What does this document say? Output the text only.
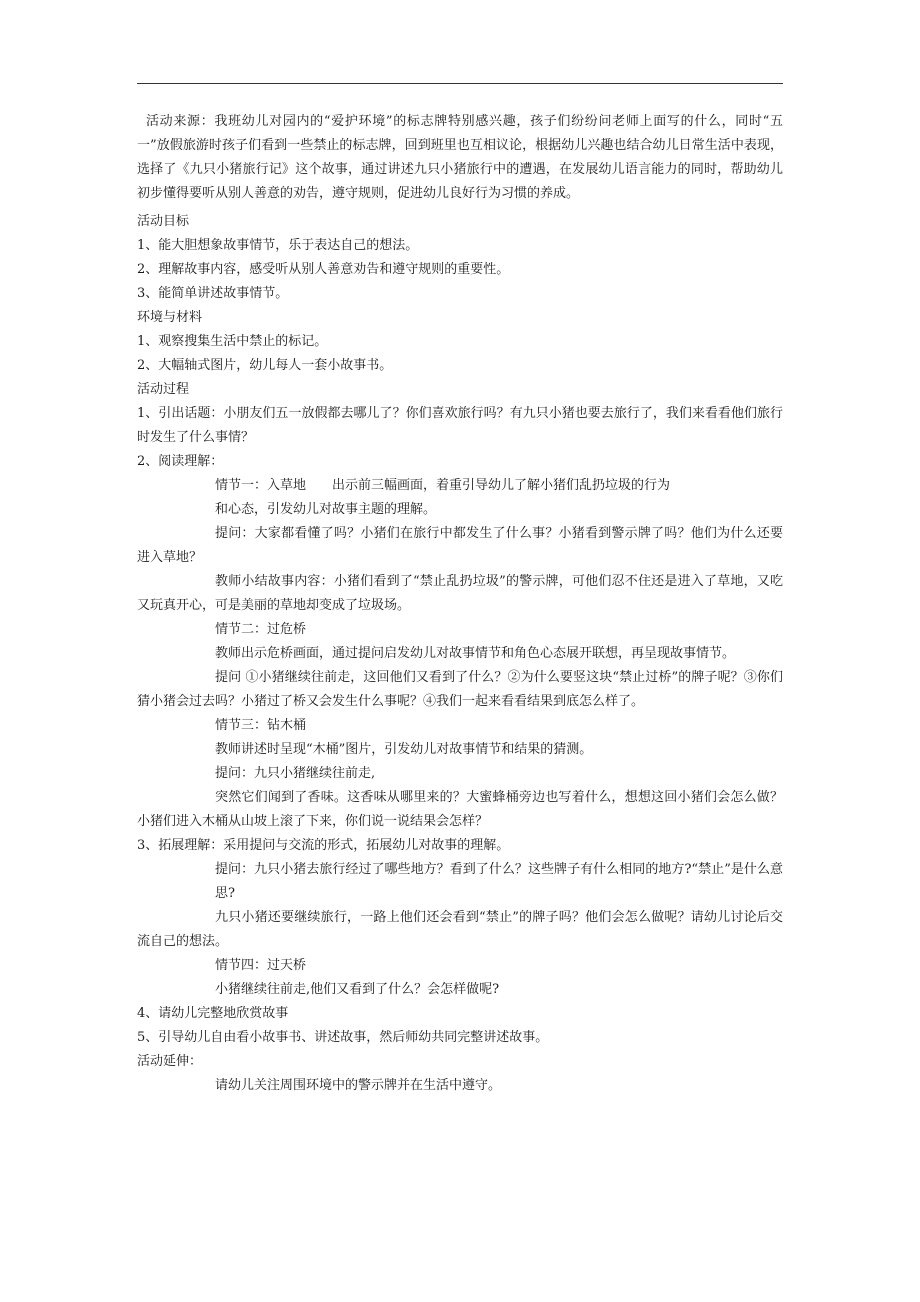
活动来源：我班幼儿对园内的“爱护环境”的标志牌特别感兴趣，孩子们纷纷问老师上面写的什么，同时“五一”放假旅游时孩子们看到一些禁止的标志牌，回到班里也互相议论，根据幼儿兴趣也结合幼儿日常生活中表现，选择了《九只小猪旅行记》这个故事，通过讲述九只小猪旅行中的遭遇，在发展幼儿语言能力的同时，帮助幼儿初步懂得要听从别人善意的劝告，遵守规则，促进幼儿良好行为习惯的养成。

活动目标

1、能大胆想象故事情节，乐于表达自己的想法。

2、理解故事内容，感受听从别人善意劝告和遵守规则的重要性。

3、能简单讲述故事情节。

环境与材料

1、观察搜集生活中禁止的标记。

2、大幅轴式图片，幼儿每人一套小故事书。

活动过程

1、引出话题：小朋友们五一放假都去哪儿了？你们喜欢旅行吗？有九只小猪也要去旅行了，我们来看看他们旅行时发生了什么事情？

2、阅读理解：

情节一：入草地　　出示前三幅画面，着重引导幼儿了解小猪们乱扔垃圾的行为

和心态，引发幼儿对故事主题的理解。

提问：大家都看懂了吗？小猪们在旅行中都发生了什么事？小猪看到警示牌了吗？他们为什么还要进入草地？

教师小结故事内容：小猪们看到了“禁止乱扔垃圾”的警示牌，可他们忍不住还是进入了草地，又吃又玩真开心，可是美丽的草地却变成了垃圾场。

情节二：过危桥

教师出示危桥画面，通过提问启发幼儿对故事情节和角色心态展开联想，再呈现故事情节。

提问 ①小猪继续往前走，这回他们又看到了什么？②为什么要竖这块“禁止过桥”的牌子呢？③你们猜小猪会过去吗？小猪过了桥又会发生什么事呢？④我们一起来看看结果到底怎么样了。

情节三：钻木桶

教师讲述时呈现“木桶”图片，引发幼儿对故事情节和结果的猜测。

提问：九只小猪继续往前走,

突然它们闻到了香味。这香味从哪里来的？大蜜蜂桶旁边也写着什么，想想这回小猪们会怎么做？小猪们进入木桶从山坡上滚了下来，你们说一说结果会怎样？

3、拓展理解：采用提问与交流的形式，拓展幼儿对故事的理解。

提问：九只小猪去旅行经过了哪些地方？看到了什么？这些牌子有什么相同的地方?“禁止”是什么意思?

九只小猪还要继续旅行，一路上他们还会看到“禁止”的牌子吗？他们会怎么做呢？请幼儿讨论后交流自己的想法。

情节四：过天桥

小猪继续往前走,他们又看到了什么？会怎样做呢?

4、请幼儿完整地欣赏故事

5、引导幼儿自由看小故事书、讲述故事，然后师幼共同完整讲述故事。

活动延伸：

请幼儿关注周围环境中的警示牌并在生活中遵守。
